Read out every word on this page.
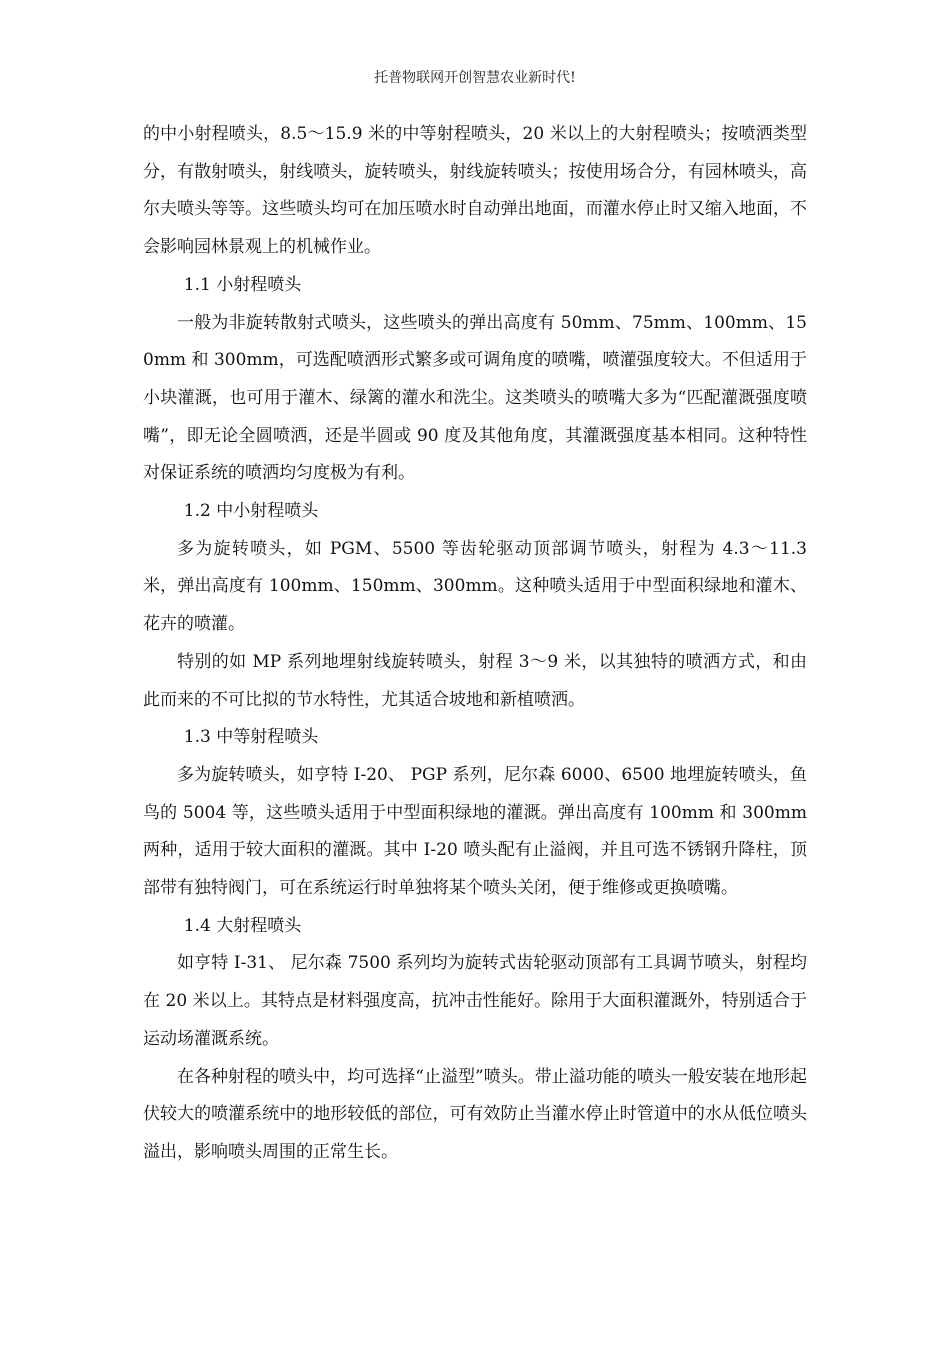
托普物联网开创智慧农业新时代!

的中小射程喷头，8.5～15.9 米的中等射程喷头，20 米以上的大射程喷头；按喷洒类型分，有散射喷头，射线喷头，旋转喷头，射线旋转喷头；按使用场合分，有园林喷头，高尔夫喷头等等。这些喷头均可在加压喷水时自动弹出地面，而灌水停止时又缩入地面，不会影响园林景观上的机械作业。

1.1 小射程喷头

一般为非旋转散射式喷头，这些喷头的弹出高度有 50mm、75mm、100mm、150mm 和 300mm，可选配喷洒形式繁多或可调角度的喷嘴，喷灌强度较大。不但适用于小块灌溉，也可用于灌木、绿篱的灌水和洗尘。这类喷头的喷嘴大多为“匹配灌溉强度喷嘴”，即无论全圆喷洒，还是半圆或 90 度及其他角度，其灌溉强度基本相同。这种特性对保证系统的喷洒均匀度极为有利。

1.2 中小射程喷头

多为旋转喷头，如 PGM、5500 等齿轮驱动顶部调节喷头，射程为 4.3～11.3 米，弹出高度有 100mm、150mm、300mm。这种喷头适用于中型面积绿地和灌木、花卉的喷灌。

特别的如 MP 系列地埋射线旋转喷头，射程 3～9 米，以其独特的喷洒方式，和由此而来的不可比拟的节水特性，尤其适合坡地和新植喷洒。

1.3 中等射程喷头

多为旋转喷头，如亨特 I-20、 PGP 系列，尼尔森 6000、6500 地埋旋转喷头，鱼鸟的 5004 等，这些喷头适用于中型面积绿地的灌溉。弹出高度有 100mm 和 300mm 两种，适用于较大面积的灌溉。其中 I-20 喷头配有止溢阀，并且可选不锈钢升降柱，顶部带有独特阀门，可在系统运行时单独将某个喷头关闭，便于维修或更换喷嘴。

1.4 大射程喷头

如亨特 I-31、 尼尔森 7500 系列均为旋转式齿轮驱动顶部有工具调节喷头，射程均在 20 米以上。其特点是材料强度高，抗冲击性能好。除用于大面积灌溉外，特别适合于运动场灌溉系统。

在各种射程的喷头中，均可选择“止溢型”喷头。带止溢功能的喷头一般安装在地形起伏较大的喷灌系统中的地形较低的部位，可有效防止当灌水停止时管道中的水从低位喷头溢出，影响喷头周围的正常生长。
